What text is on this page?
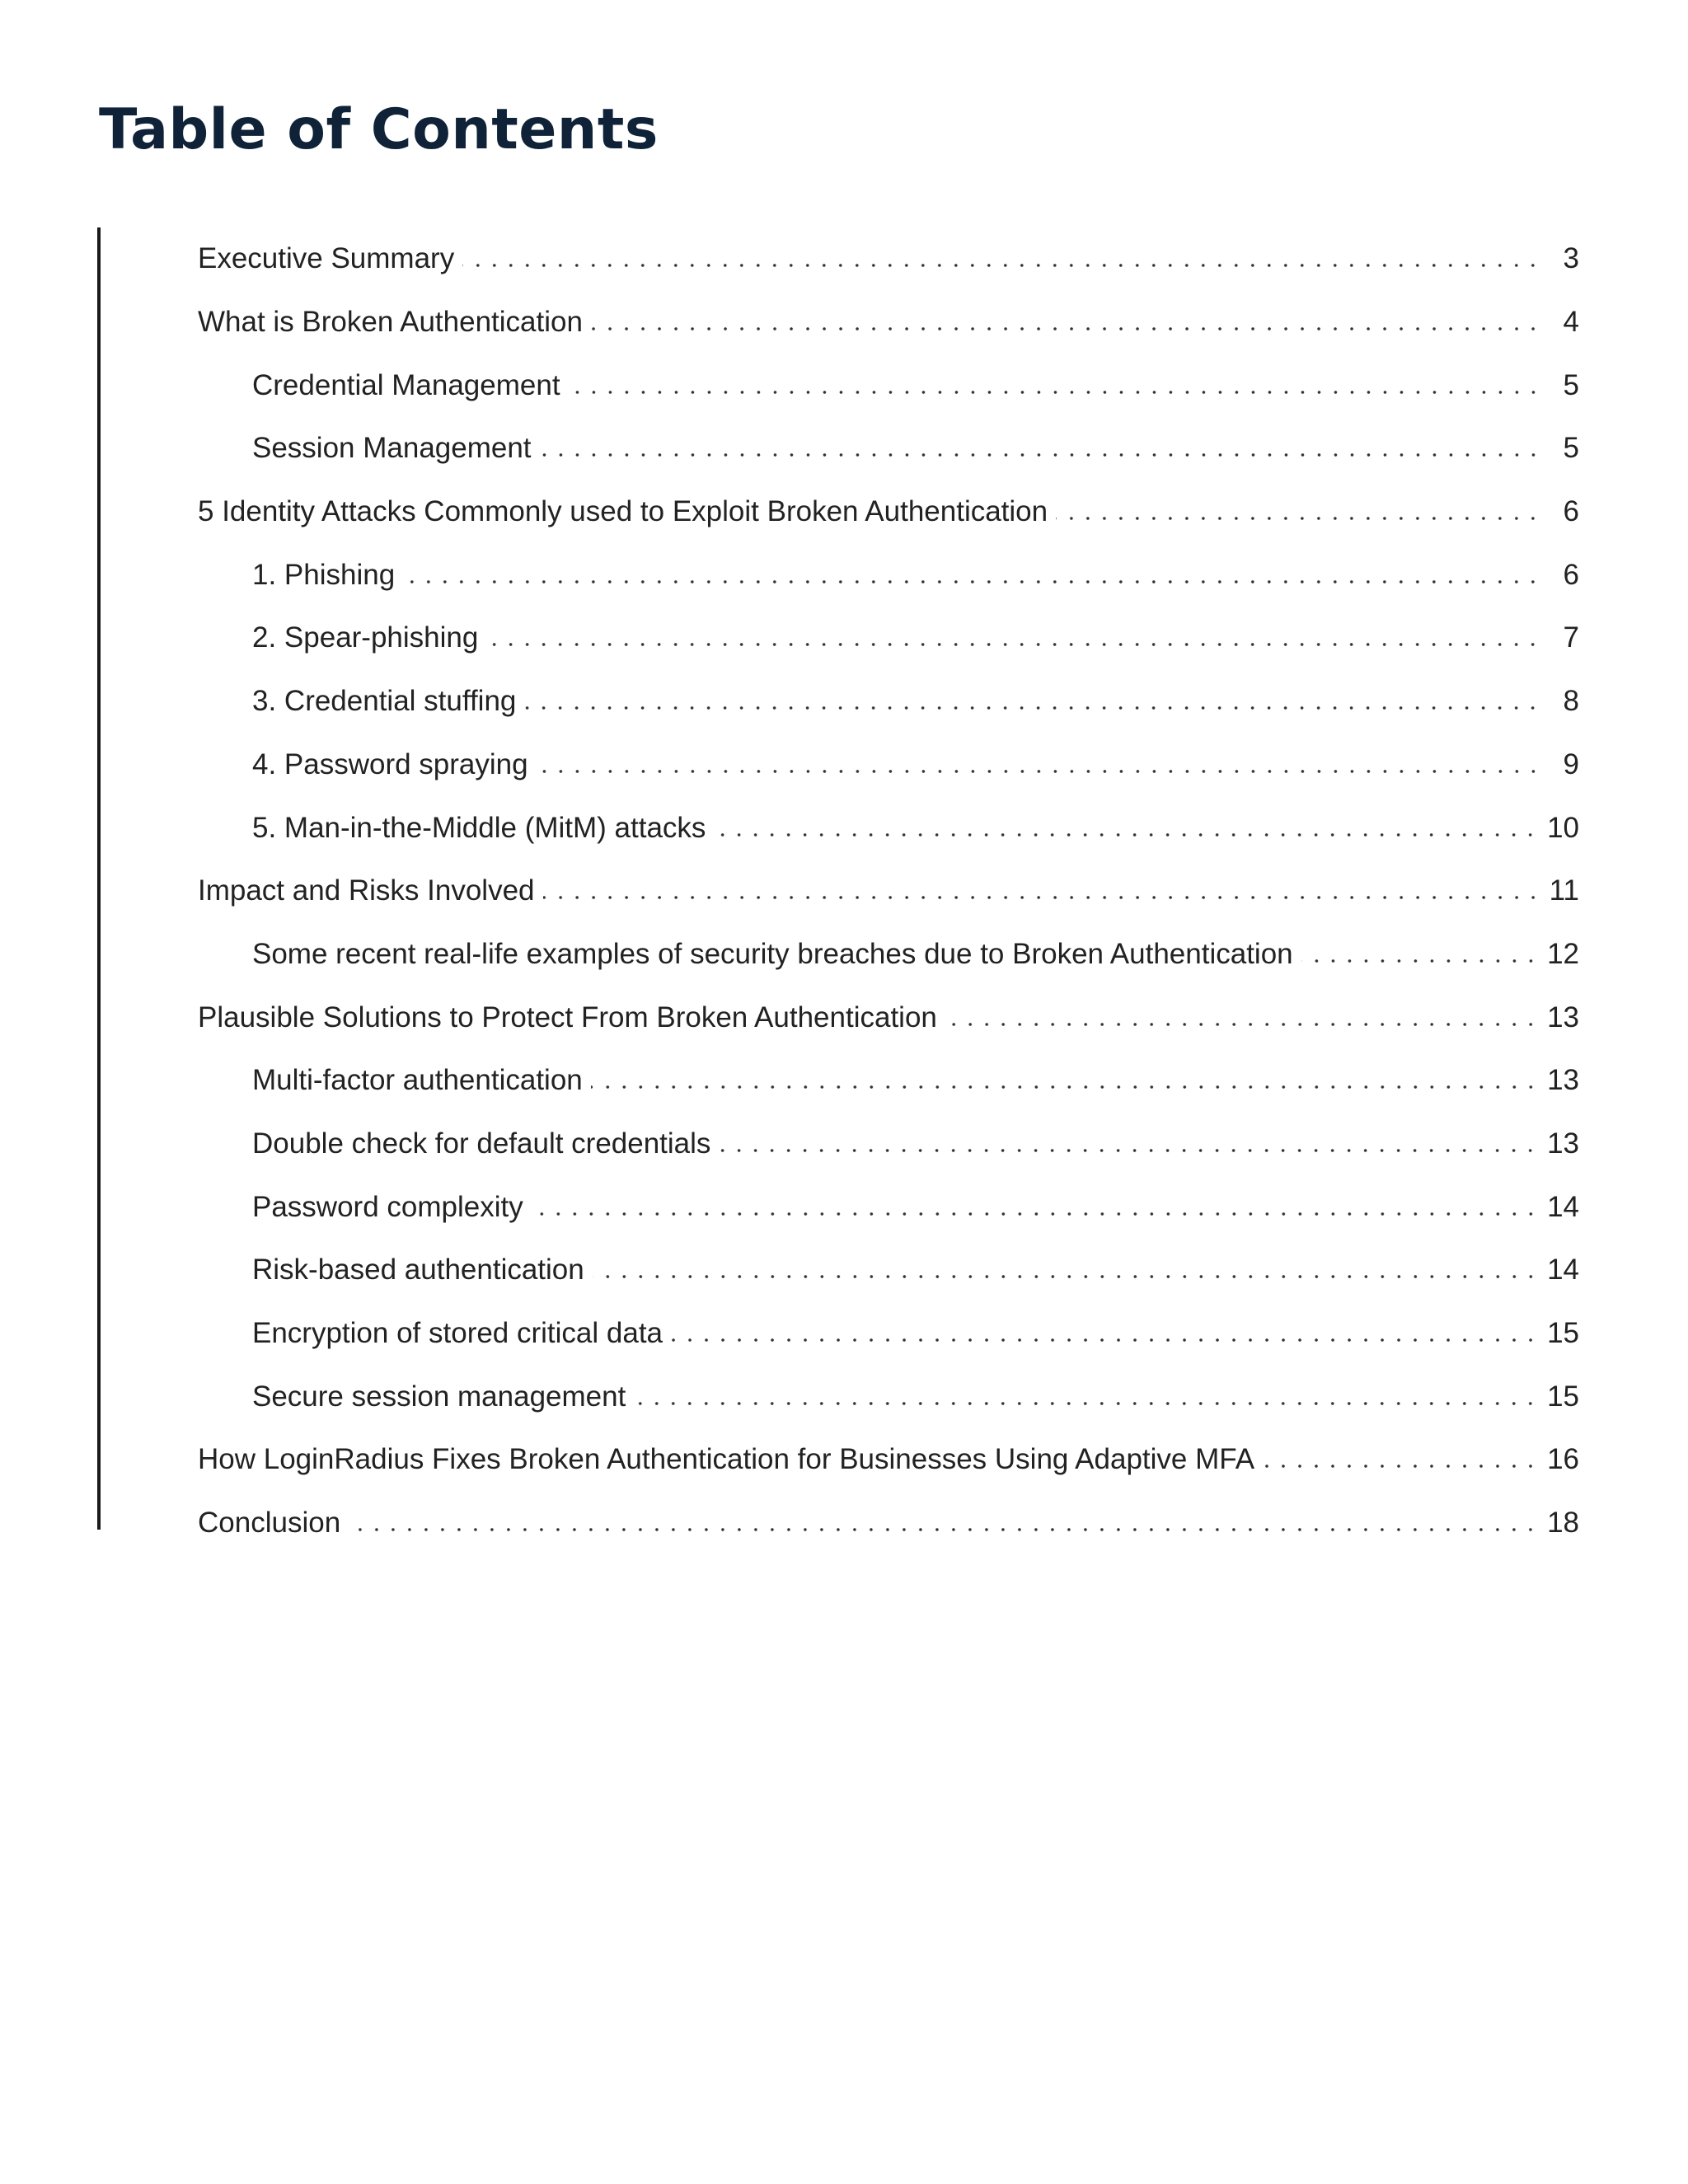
Table of Contents
Executive Summary	3
What is Broken Authentication	4
Credential Management	5
Session Management	5
5 Identity Attacks Commonly used to Exploit Broken Authentication	6
1. Phishing	6
2. Spear-phishing	7
3. Credential stuffing	8
4. Password spraying	9
5. Man-in-the-Middle (MitM) attacks	10
Impact and Risks Involved	11
Some recent real-life examples of security breaches due to Broken Authentication	12
Plausible Solutions to Protect From Broken Authentication	13
Multi-factor authentication	13
Double check for default credentials	13
Password complexity	14
Risk-based authentication	14
Encryption of stored critical data	15
Secure session management	15
How LoginRadius Fixes Broken Authentication for Businesses Using Adaptive MFA	16
Conclusion	18
